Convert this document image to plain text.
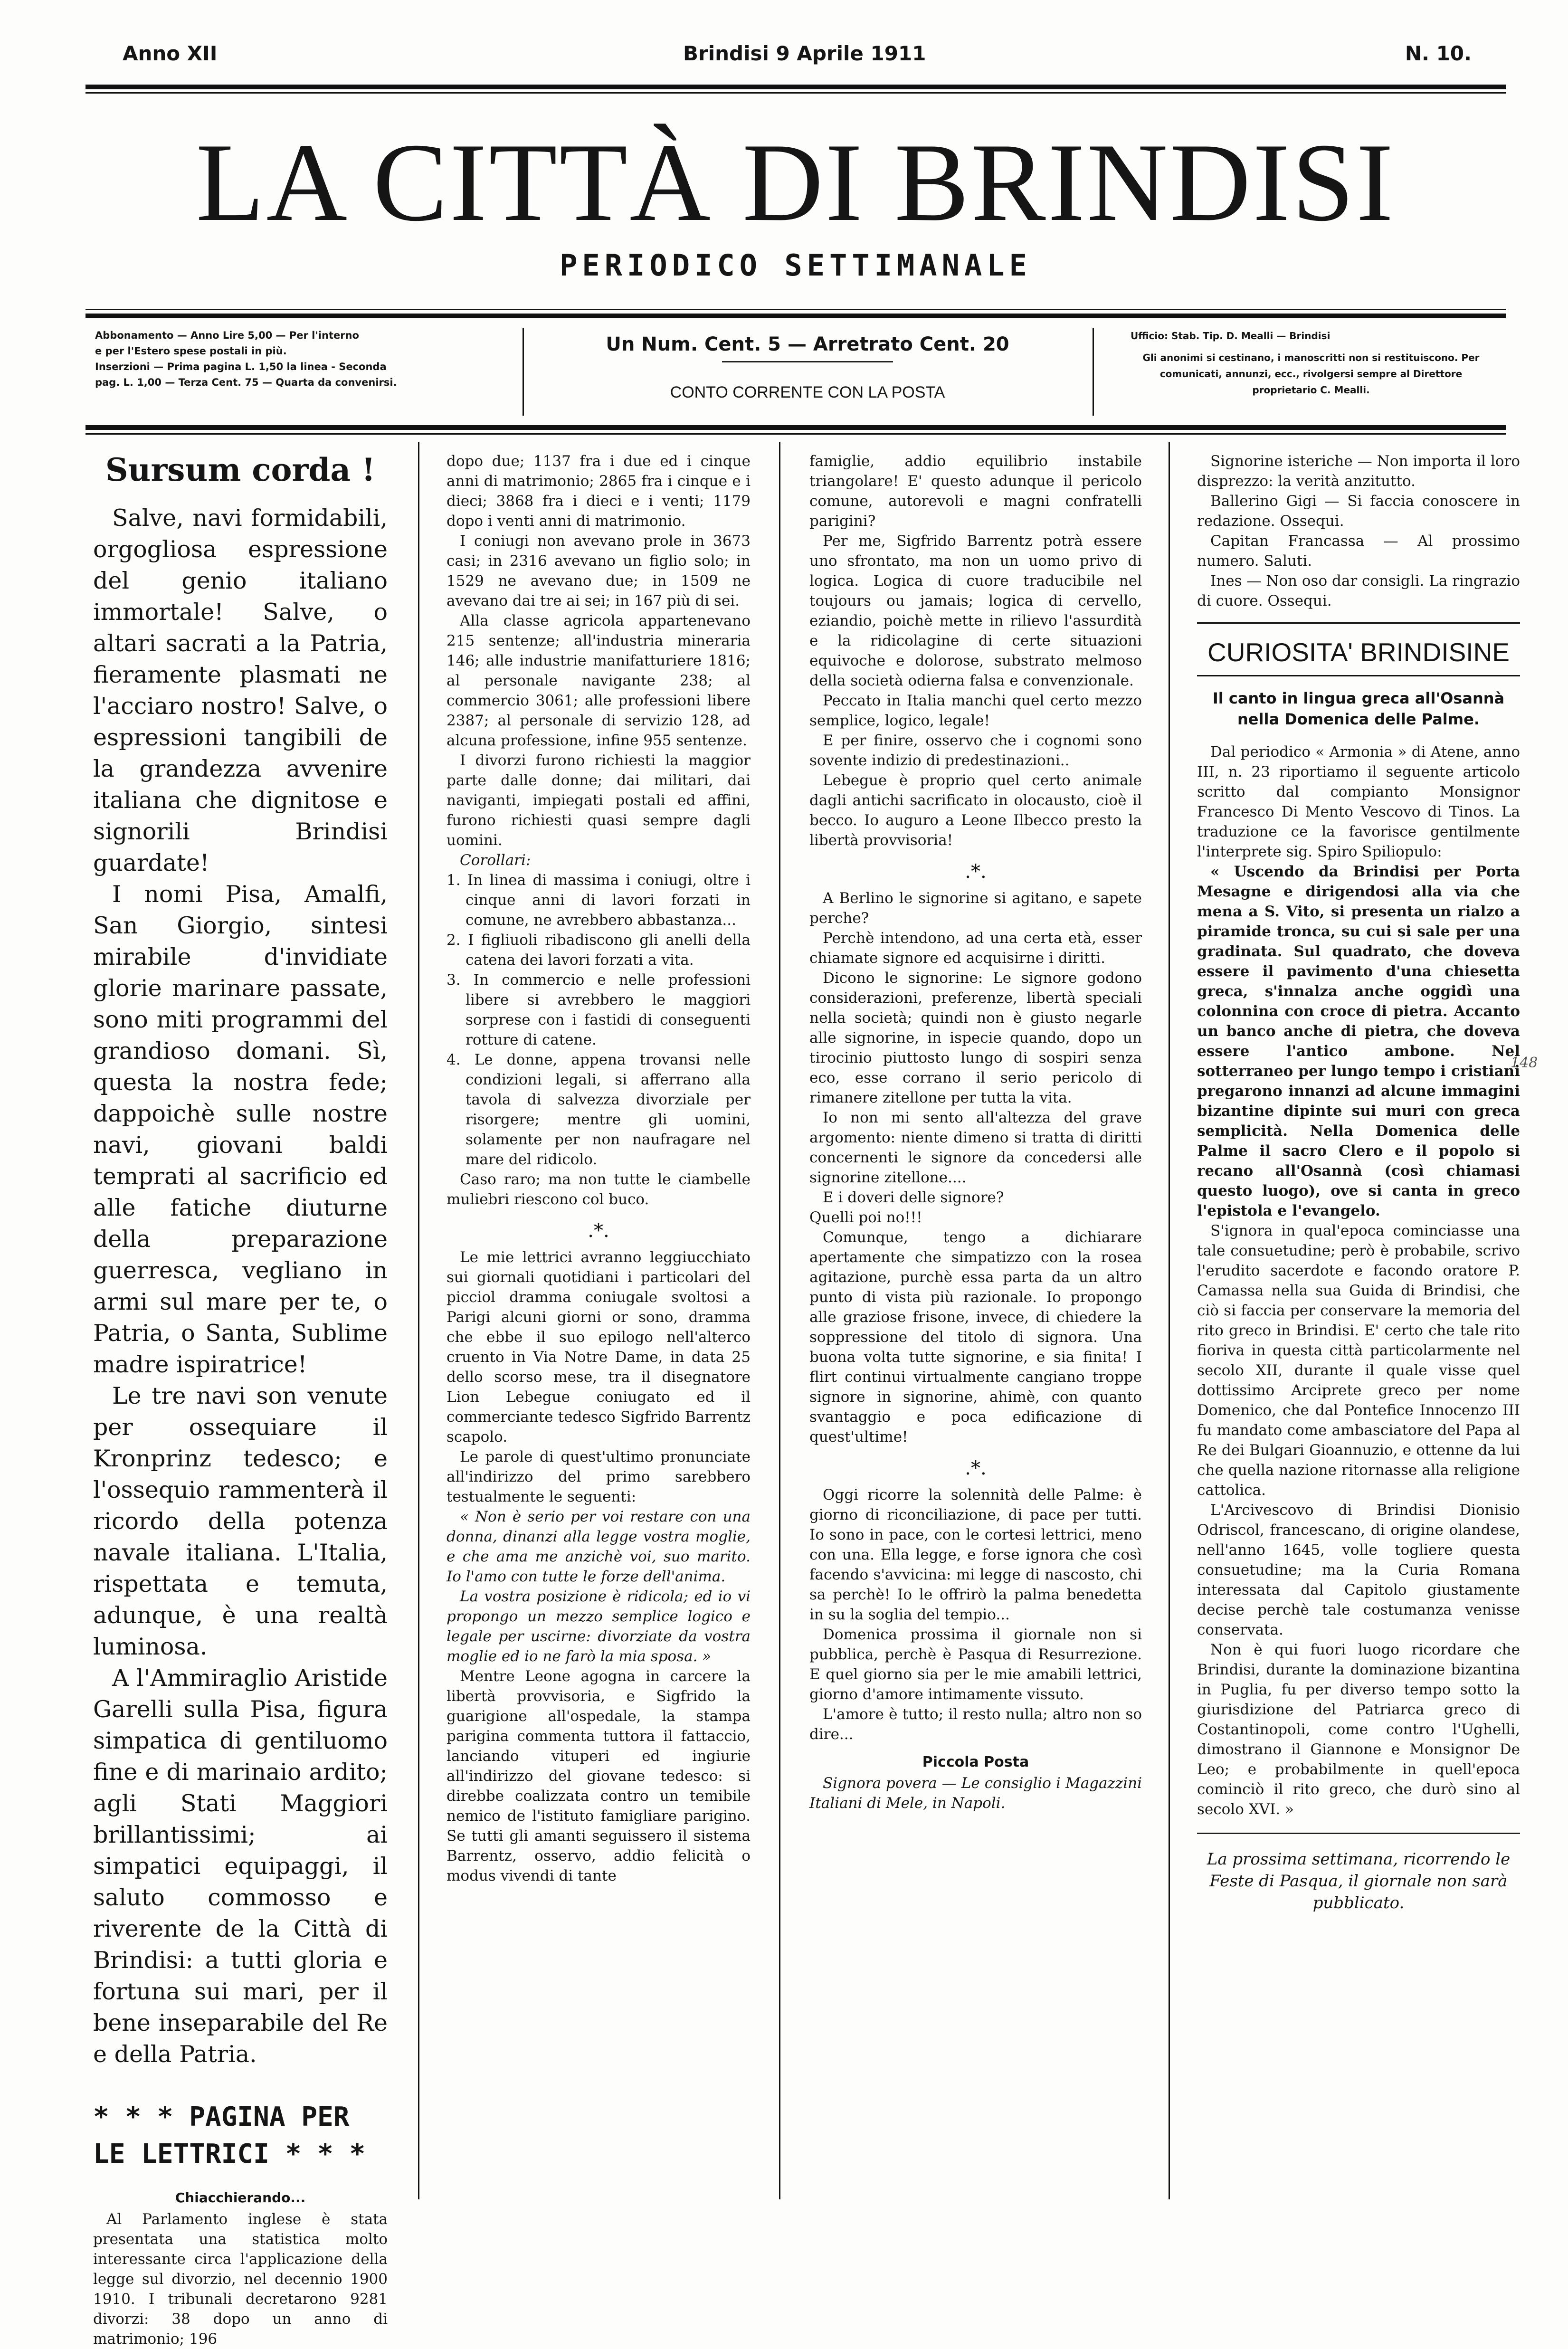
Anno XII	Brindisi 9 Aprile 1911	N. 10.
LA CITTÀ DI BRINDISI
PERIODICO SETTIMANALE
Abbonamento — Anno Lire 5,00 — Per l'interno
e per l'Estero spese postali in più.
Inserzioni — Prima pagina L. 1,50 la linea - Seconda
pag. L. 1,00 — Terza Cent. 75 — Quarta da convenirsi.
Un Num. Cent. 5 — Arretrato Cent. 20
CONTO CORRENTE CON LA POSTA
Ufficio: Stab. Tip. D. Mealli — Brindisi
Gli anonimi si cestinano, i manoscritti non si restituiscono. Per comunicati, annunzi, ecc., rivolgersi sempre al Direttore proprietario C. Mealli.
Sursum corda !

Salve, navi formidabili, orgogliosa espressione del genio italiano immortale! Salve, o altari sacrati a la Patria, fieramente plasmati ne l'acciaro nostro! Salve, o espressioni tangibili de la grandezza avvenire italiana che dignitose e signorili Brindisi guardate!

I nomi Pisa, Amalfi, San Giorgio, sintesi mirabile d'invidiate glorie marinare passate, sono miti programmi del grandioso domani. Sì, questa la nostra fede; dappoichè sulle nostre navi, giovani baldi temprati al sacrificio ed alle fatiche diuturne della preparazione guerresca, vegliano in armi sul mare per te, o Patria, o Santa, Sublime madre ispiratrice!

Le tre navi son venute per ossequiare il Kronprinz tedesco; e l'ossequio rammenterà il ricordo della potenza navale italiana. L'Italia, rispettata e temuta, adunque, è una realtà luminosa.

A l'Ammiraglio Aristide Garelli sulla Pisa, figura simpatica di gentiluomo fine e di marinaio ardito; agli Stati Maggiori brillantissimi; ai simpatici equipaggi, il saluto commosso e riverente de la Città di Brindisi: a tutti gloria e fortuna sui mari, per il bene inseparabile del Re e della Patria.

* * * PAGINA PER LE LETTRICI * * *
Chiacchierando...

Al Parlamento inglese è stata presentata una statistica molto interessante circa l'applicazione della legge sul divorzio, nel decennio 1900 1910. I tribunali decretarono 9281 divorzi: 38 dopo un anno di matrimonio; 196

dopo due; 1137 fra i due ed i cinque anni di matrimonio; 2865 fra i cinque e i dieci; 3868 fra i dieci e i venti; 1179 dopo i venti anni di matrimonio.

I coniugi non avevano prole in 3673 casi; in 2316 avevano un figlio solo; in 1529 ne avevano due; in 1509 ne avevano dai tre ai sei; in 167 più di sei.

Alla classe agricola appartenevano 215 sentenze; all'industria mineraria 146; alle industrie manifatturiere 1816; al personale navigante 238; al commercio 3061; alle professioni libere 2387; al personale di servizio 128, ad alcuna professione, infine 955 sentenze.

I divorzi furono richiesti la maggior parte dalle donne; dai militari, dai naviganti, impiegati postali ed affini, furono richiesti quasi sempre dagli uomini.

Corollari:

1. In linea di massima i coniugi, oltre i cinque anni di lavori forzati in comune, ne avrebbero abbastanza...
2. I figliuoli ribadiscono gli anelli della catena dei lavori forzati a vita.
3. In commercio e nelle professioni libere si avrebbero le maggiori sorprese con i fastidi di conseguenti rotture di catene.
4. Le donne, appena trovansi nelle condizioni legali, si afferrano alla tavola di salvezza divorziale per risorgere; mentre gli uomini, solamente per non naufragare nel mare del ridicolo.

Caso raro; ma non tutte le ciambelle muliebri riescono col buco.

.*.

Le mie lettrici avranno leggiucchiato sui giornali quotidiani i particolari del picciol dramma coniugale svoltosi a Parigi alcuni giorni or sono, dramma che ebbe il suo epilogo nell'alterco cruento in Via Notre Dame, in data 25 dello scorso mese, tra il disegnatore Lion Lebegue coniugato ed il commerciante tedesco Sigfrido Barrentz scapolo.

Le parole di quest'ultimo pronunciate all'indirizzo del primo sarebbero testualmente le seguenti:

« Non è serio per voi restare con una donna, dinanzi alla legge vostra moglie, e che ama me anzichè voi, suo marito. Io l'amo con tutte le forze dell'anima.

La vostra posizione è ridicola; ed io vi propongo un mezzo semplice logico e legale per uscirne: divorziate da vostra moglie ed io ne farò la mia sposa. »

Mentre Leone agogna in carcere la libertà provvisoria, e Sigfrido la guarigione all'ospedale, la stampa parigina commenta tuttora il fattaccio, lanciando vituperi ed ingiurie all'indirizzo del giovane tedesco: si direbbe coalizzata contro un temibile nemico de l'istituto famigliare parigino. Se tutti gli amanti seguissero il sistema Barrentz, osservo, addio felicità o modus vivendi di tante

famiglie, addio equilibrio instabile triangolare! E' questo adunque il pericolo comune, autorevoli e magni confratelli parigini?

Per me, Sigfrido Barrentz potrà essere uno sfrontato, ma non un uomo privo di logica. Logica di cuore traducibile nel toujours ou jamais; logica di cervello, eziandio, poichè mette in rilievo l'assurdità e la ridicolagine di certe situazioni equivoche e dolorose, substrato melmoso della società odierna falsa e convenzionale.

Peccato in Italia manchi quel certo mezzo semplice, logico, legale!

E per finire, osservo che i cognomi sono sovente indizio di predestinazioni..

Lebegue è proprio quel certo animale dagli antichi sacrificato in olocausto, cioè il becco. Io auguro a Leone Ilbecco presto la libertà provvisoria!

.*.

A Berlino le signorine si agitano, e sapete perche?

Perchè intendono, ad una certa età, esser chiamate signore ed acquisirne i diritti.

Dicono le signorine: Le signore godono considerazioni, preferenze, libertà speciali nella società; quindi non è giusto negarle alle signorine, in ispecie quando, dopo un tirocinio piuttosto lungo di sospiri senza eco, esse corrano il serio pericolo di rimanere zitellone per tutta la vita.

Io non mi sento all'altezza del grave argomento: niente dimeno si tratta di diritti concernenti le signore da concedersi alle signorine zitellone....

E i doveri delle signore?

Quelli poi no!!!

Comunque, tengo a dichiarare apertamente che simpatizzo con la rosea agitazione, purchè essa parta da un altro punto di vista più razionale. Io propongo alle graziose frisone, invece, di chiedere la soppressione del titolo di signora. Una buona volta tutte signorine, e sia finita! I flirt continui virtualmente cangiano troppe signore in signorine, ahimè, con quanto svantaggio e poca edificazione di quest'ultime!

.*.

Oggi ricorre la solennità delle Palme: è giorno di riconciliazione, di pace per tutti. Io sono in pace, con le cortesi lettrici, meno con una. Ella legge, e forse ignora che così facendo s'avvicina: mi legge di nascosto, chi sa perchè! Io le offrirò la palma benedetta in su la soglia del tempio...

Domenica prossima il giornale non si pubblica, perchè è Pasqua di Resurrezione. E quel giorno sia per le mie amabili lettrici, giorno d'amore intimamente vissuto.

L'amore è tutto; il resto nulla; altro non so dire...

Piccola Posta

Signora povera — Le consiglio i Magazzini Italiani di Mele, in Napoli.

Signorine isteriche — Non importa il loro disprezzo: la verità anzitutto.

Ballerino Gigi — Si faccia conoscere in redazione. Ossequi.

Capitan Francassa — Al prossimo numero. Saluti.

Ines — Non oso dar consigli. La ringrazio di cuore. Ossequi.

CURIOSITA' BRINDISINE
Il canto in lingua greca all'Osannà nella Domenica delle Palme.

Dal periodico « Armonia » di Atene, anno III, n. 23 riportiamo il seguente articolo scritto dal compianto Monsignor Francesco Di Mento Vescovo di Tinos. La traduzione ce la favorisce gentilmente l'interprete sig. Spiro Spiliopulo:

« Uscendo da Brindisi per Porta Mesagne e dirigendosi alla via che mena a S. Vito, si presenta un rialzo a piramide tronca, su cui si sale per una gradinata. Sul quadrato, che doveva essere il pavimento d'una chiesetta greca, s'innalza anche oggidì una colonnina con croce di pietra. Accanto un banco anche di pietra, che doveva essere l'antico ambone. Nel sotterraneo per lungo tempo i cristiani pregarono innanzi ad alcune immagini bizantine dipinte sui muri con greca semplicità. Nella Domenica delle Palme il sacro Clero e il popolo si recano all'Osannà (così chiamasi questo luogo), ove si canta in greco l'epistola e l'evangelo.

S'ignora in qual'epoca cominciasse una tale consuetudine; però è probabile, scrivo l'erudito sacerdote e facondo oratore P. Camassa nella sua Guida di Brindisi, che ciò si faccia per conservare la memoria del rito greco in Brindisi. E' certo che tale rito fioriva in questa città particolarmente nel secolo XII, durante il quale visse quel dottissimo Arciprete greco per nome Domenico, che dal Pontefice Innocenzo III fu mandato come ambasciatore del Papa al Re dei Bulgari Gioannuzio, e ottenne da lui che quella nazione ritornasse alla religione cattolica.

L'Arcivescovo di Brindisi Dionisio Odriscol, francescano, di origine olandese, nell'anno 1645, volle togliere questa consuetudine; ma la Curia Romana interessata dal Capitolo giustamente decise perchè tale costumanza venisse conservata.

Non è qui fuori luogo ricordare che Brindisi, durante la dominazione bizantina in Puglia, fu per diverso tempo sotto la giurisdizione del Patriarca greco di Costantinopoli, come contro l'Ughelli, dimostrano il Giannone e Monsignor De Leo; e probabilmente in quell'epoca cominciò il rito greco, che durò sino al secolo XVI. »

La prossima settimana, ricorrendo le Feste di Pasqua, il giornale non sarà pubblicato.
148
